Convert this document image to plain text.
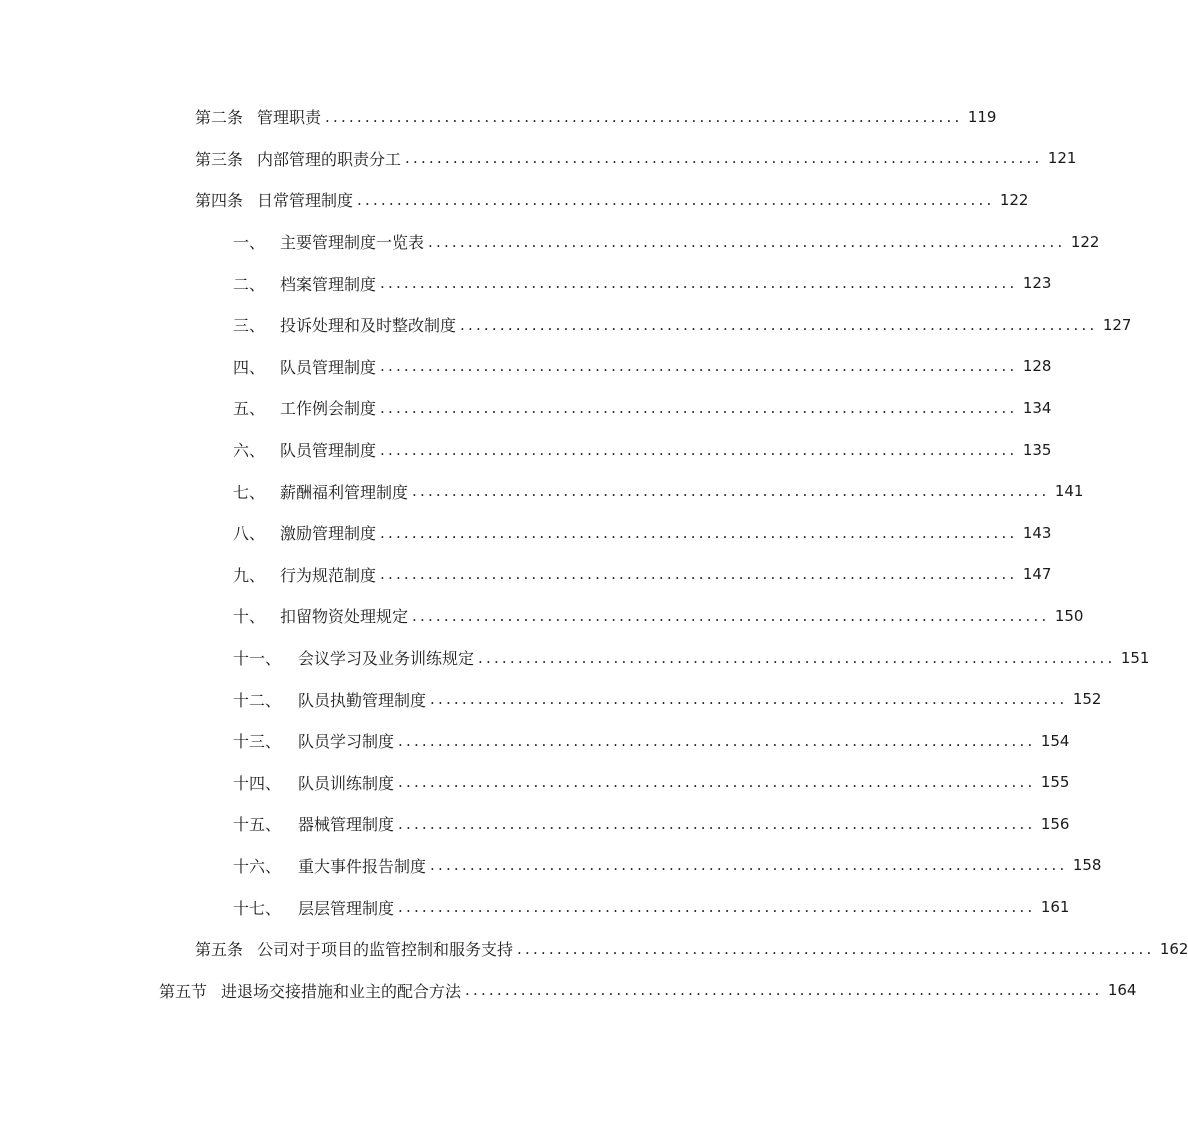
第二条 管理职责 ................................................................................ 119
第三条 内部管理的职责分工 ................................................................................ 121
第四条 日常管理制度 ................................................................................ 122
一、 主要管理制度一览表 ................................................................................ 122
二、 档案管理制度 ................................................................................ 123
三、 投诉处理和及时整改制度 ................................................................................ 127
四、 队员管理制度 ................................................................................ 128
五、 工作例会制度 ................................................................................ 134
六、 队员管理制度 ................................................................................ 135
七、 薪酬福利管理制度 ................................................................................ 141
八、 激励管理制度 ................................................................................ 143
九、 行为规范制度 ................................................................................ 147
十、 扣留物资处理规定 ................................................................................ 150
十一、	会议学习及业务训练规定 ................................................................................ 151
十二、	队员执勤管理制度 ................................................................................ 152
十三、	队员学习制度 ................................................................................ 154
十四、	队员训练制度 ................................................................................ 155
十五、	器械管理制度 ................................................................................ 156
十六、	重大事件报告制度 ................................................................................ 158
十七、	层层管理制度 ................................................................................ 161
第五条 公司对于项目的监管控制和服务支持 ................................................................................ 162
第五节 进退场交接措施和业主的配合方法 ................................................................................ 164
